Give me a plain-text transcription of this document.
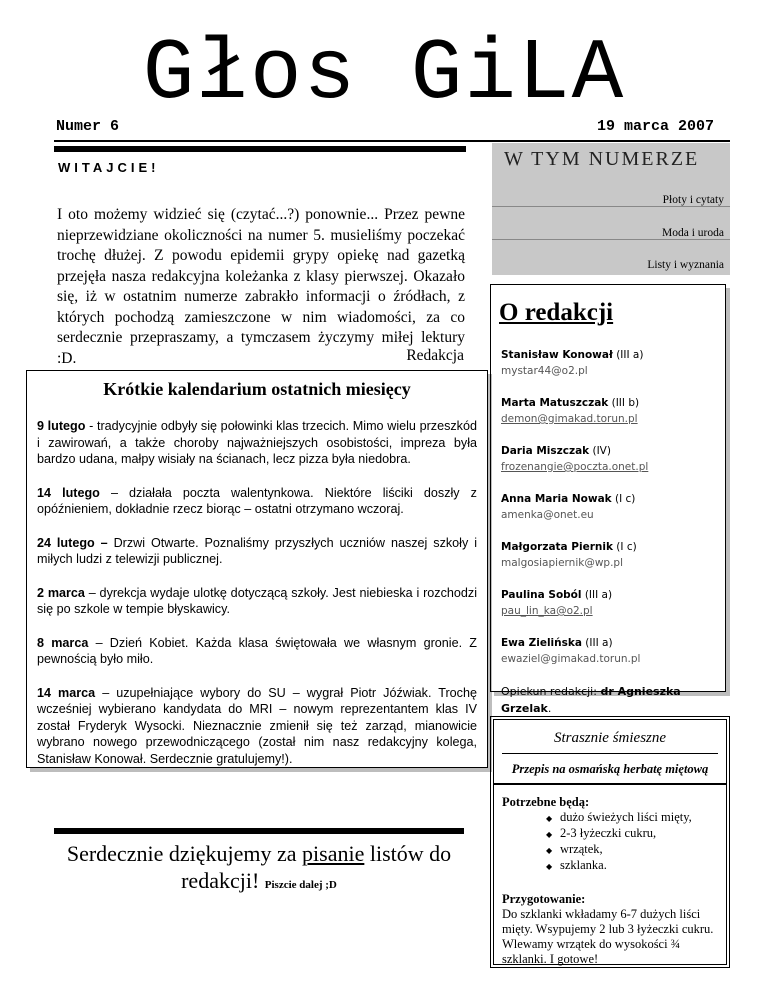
Głos GiLA
Numer 6	19 marca 2007
WITAJCIE!
I oto możemy widzieć się (czytać...?) ponownie... Przez pewne nieprzewidziane okoliczności na numer 5. musieliśmy poczekać trochę dłużej. Z powodu epidemii grypy opiekę nad gazetką przejęła nasza redakcyjna koleżanka z klasy pierwszej. Okazało się, iż w ostatnim numerze zabrakło informacji o źródłach, z których pochodzą zamieszczone w nim wiadomości, za co serdecznie przepraszamy, a tymczasem życzymy miłej lektury :D.	Redakcja
Krótkie kalendarium ostatnich miesięcy
9 lutego - tradycyjnie odbyły się połowinki klas trzecich. Mimo wielu przeszkód i zawirowań, a także choroby najważniejszych osobistości, impreza była bardzo udana, małpy wisiały na ścianach, lecz pizza była niedobra.
14 lutego – działała poczta walentynkowa. Niektóre liściki doszły z opóźnieniem, dokładnie rzecz biorąc – ostatni otrzymano wczoraj.
24 lutego – Drzwi Otwarte. Poznaliśmy przyszłych uczniów naszej szkoły i miłych ludzi z telewizji publicznej.
2 marca – dyrekcja wydaje ulotkę dotyczącą szkoły. Jest niebieska i rozchodzi się po szkole w tempie błyskawicy.
8 marca – Dzień Kobiet. Każda klasa świętowała we własnym gronie. Z pewnością było miło.
14 marca – uzupełniające wybory do SU – wygrał Piotr Jóźwiak. Trochę wcześniej wybierano kandydata do MRI – nowym reprezentantem klas IV został Fryderyk Wysocki. Nieznacznie zmienił się też zarząd, mianowicie wybrano nowego przewodniczącego (został nim nasz redakcyjny kolega, Stanisław Konował. Serdecznie gratulujemy!).
Serdecznie dziękujemy za pisanie listów do redakcji! Piszcie dalej ;D
W TYM NUMERZE
Płoty i cytaty
Moda i uroda
Listy i wyznania
O redakcji
Stanisław Konował (III a)
mystar44@o2.pl
Marta Matuszczak (III b)
demon@gimakad.torun.pl
Daria Miszczak (IV)
frozenangie@poczta.onet.pl
Anna Maria Nowak (I c)
amenka@onet.eu
Małgorzata Piernik (I c)
malgosiapiernik@wp.pl
Paulina Soból (III a)
pau_lin_ka@o2.pl
Ewa Zielińska (III a)
ewaziel@gimakad.torun.pl
Opiekun redakcji: dr Agnieszka Grzelak.
Strasznie śmieszne
Przepis na osmańską herbatę miętową
Potrzebne będą:
◆ dużo świeżych liści mięty,
◆ 2-3 łyżeczki cukru,
◆ wrzątek,
◆ szklanka.
Przygotowanie:

Do szklanki wkładamy 6-7 dużych liści mięty. Wsypujemy 2 lub 3 łyżeczki cukru. Wlewamy wrzątek do wysokości ¾ szklanki. I gotowe!
